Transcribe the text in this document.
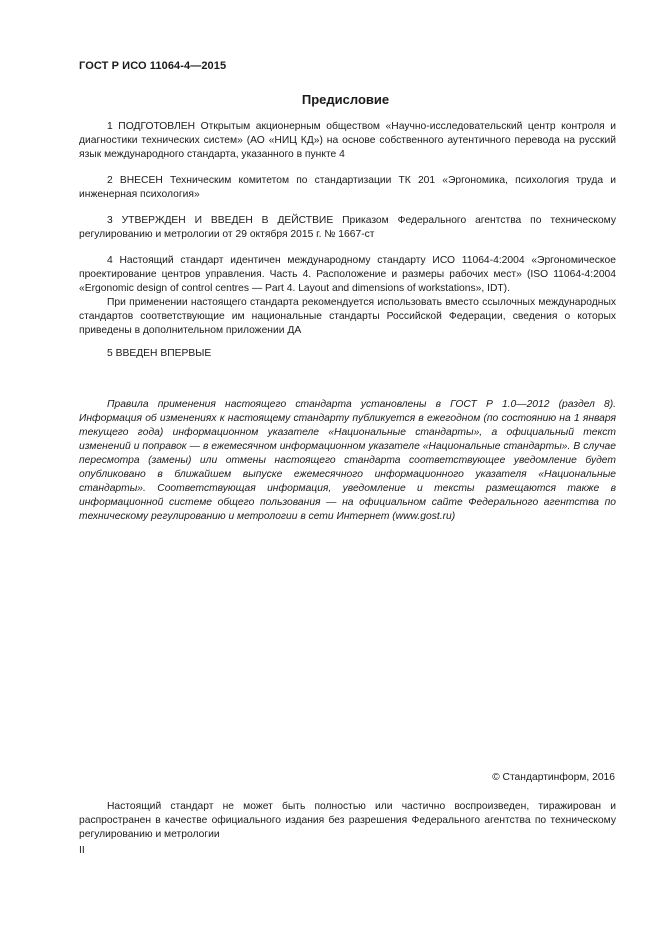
ГОСТ Р ИСО 11064-4—2015
Предисловие

1 ПОДГОТОВЛЕН Открытым акционерным обществом «Научно-исследовательский центр контроля и диагностики технических систем» (АО «НИЦ КД») на основе собственного аутентичного перевода на русский язык международного стандарта, указанного в пункте 4

2 ВНЕСЕН Техническим комитетом по стандартизации ТК 201 «Эргономика, психология труда и инженерная психология»

3 УТВЕРЖДЕН И ВВЕДЕН В ДЕЙСТВИЕ Приказом Федерального агентства по техническому регулированию и метрологии от 29 октября 2015 г. № 1667-ст

4 Настоящий стандарт идентичен международному стандарту ИСО 11064-4:2004 «Эргономическое проектирование центров управления. Часть 4. Расположение и размеры рабочих мест» (ISO 11064-4:2004 «Ergonomic design of control centres — Part 4. Layout and dimensions of workstations», IDT).

При применении настоящего стандарта рекомендуется использовать вместо ссылочных международных стандартов соответствующие им национальные стандарты Российской Федерации, сведения о которых приведены в дополнительном приложении ДА

5 ВВЕДЕН ВПЕРВЫЕ

Правила применения настоящего стандарта установлены в ГОСТ Р 1.0—2012 (раздел 8). Информация об изменениях к настоящему стандарту публикуется в ежегодном (по состоянию на 1 января текущего года) информационном указателе «Национальные стандарты», а официальный текст изменений и поправок — в ежемесячном информационном указателе «Национальные стандарты». В случае пересмотра (замены) или отмены настоящего стандарта соответствующее уведомление будет опубликовано в ближайшем выпуске ежемесячного информационного указателя «Национальные стандарты». Соответствующая информация, уведомление и тексты размещаются также в информационной системе общего пользования — на официальном сайте Федерального агентства по техническому регулированию и метрологии в сети Интернет (www.gost.ru)

© Стандартинформ, 2016

Настоящий стандарт не может быть полностью или частично воспроизведен, тиражирован и распространен в качестве официального издания без разрешения Федерального агентства по техническому регулированию и метрологии

II
